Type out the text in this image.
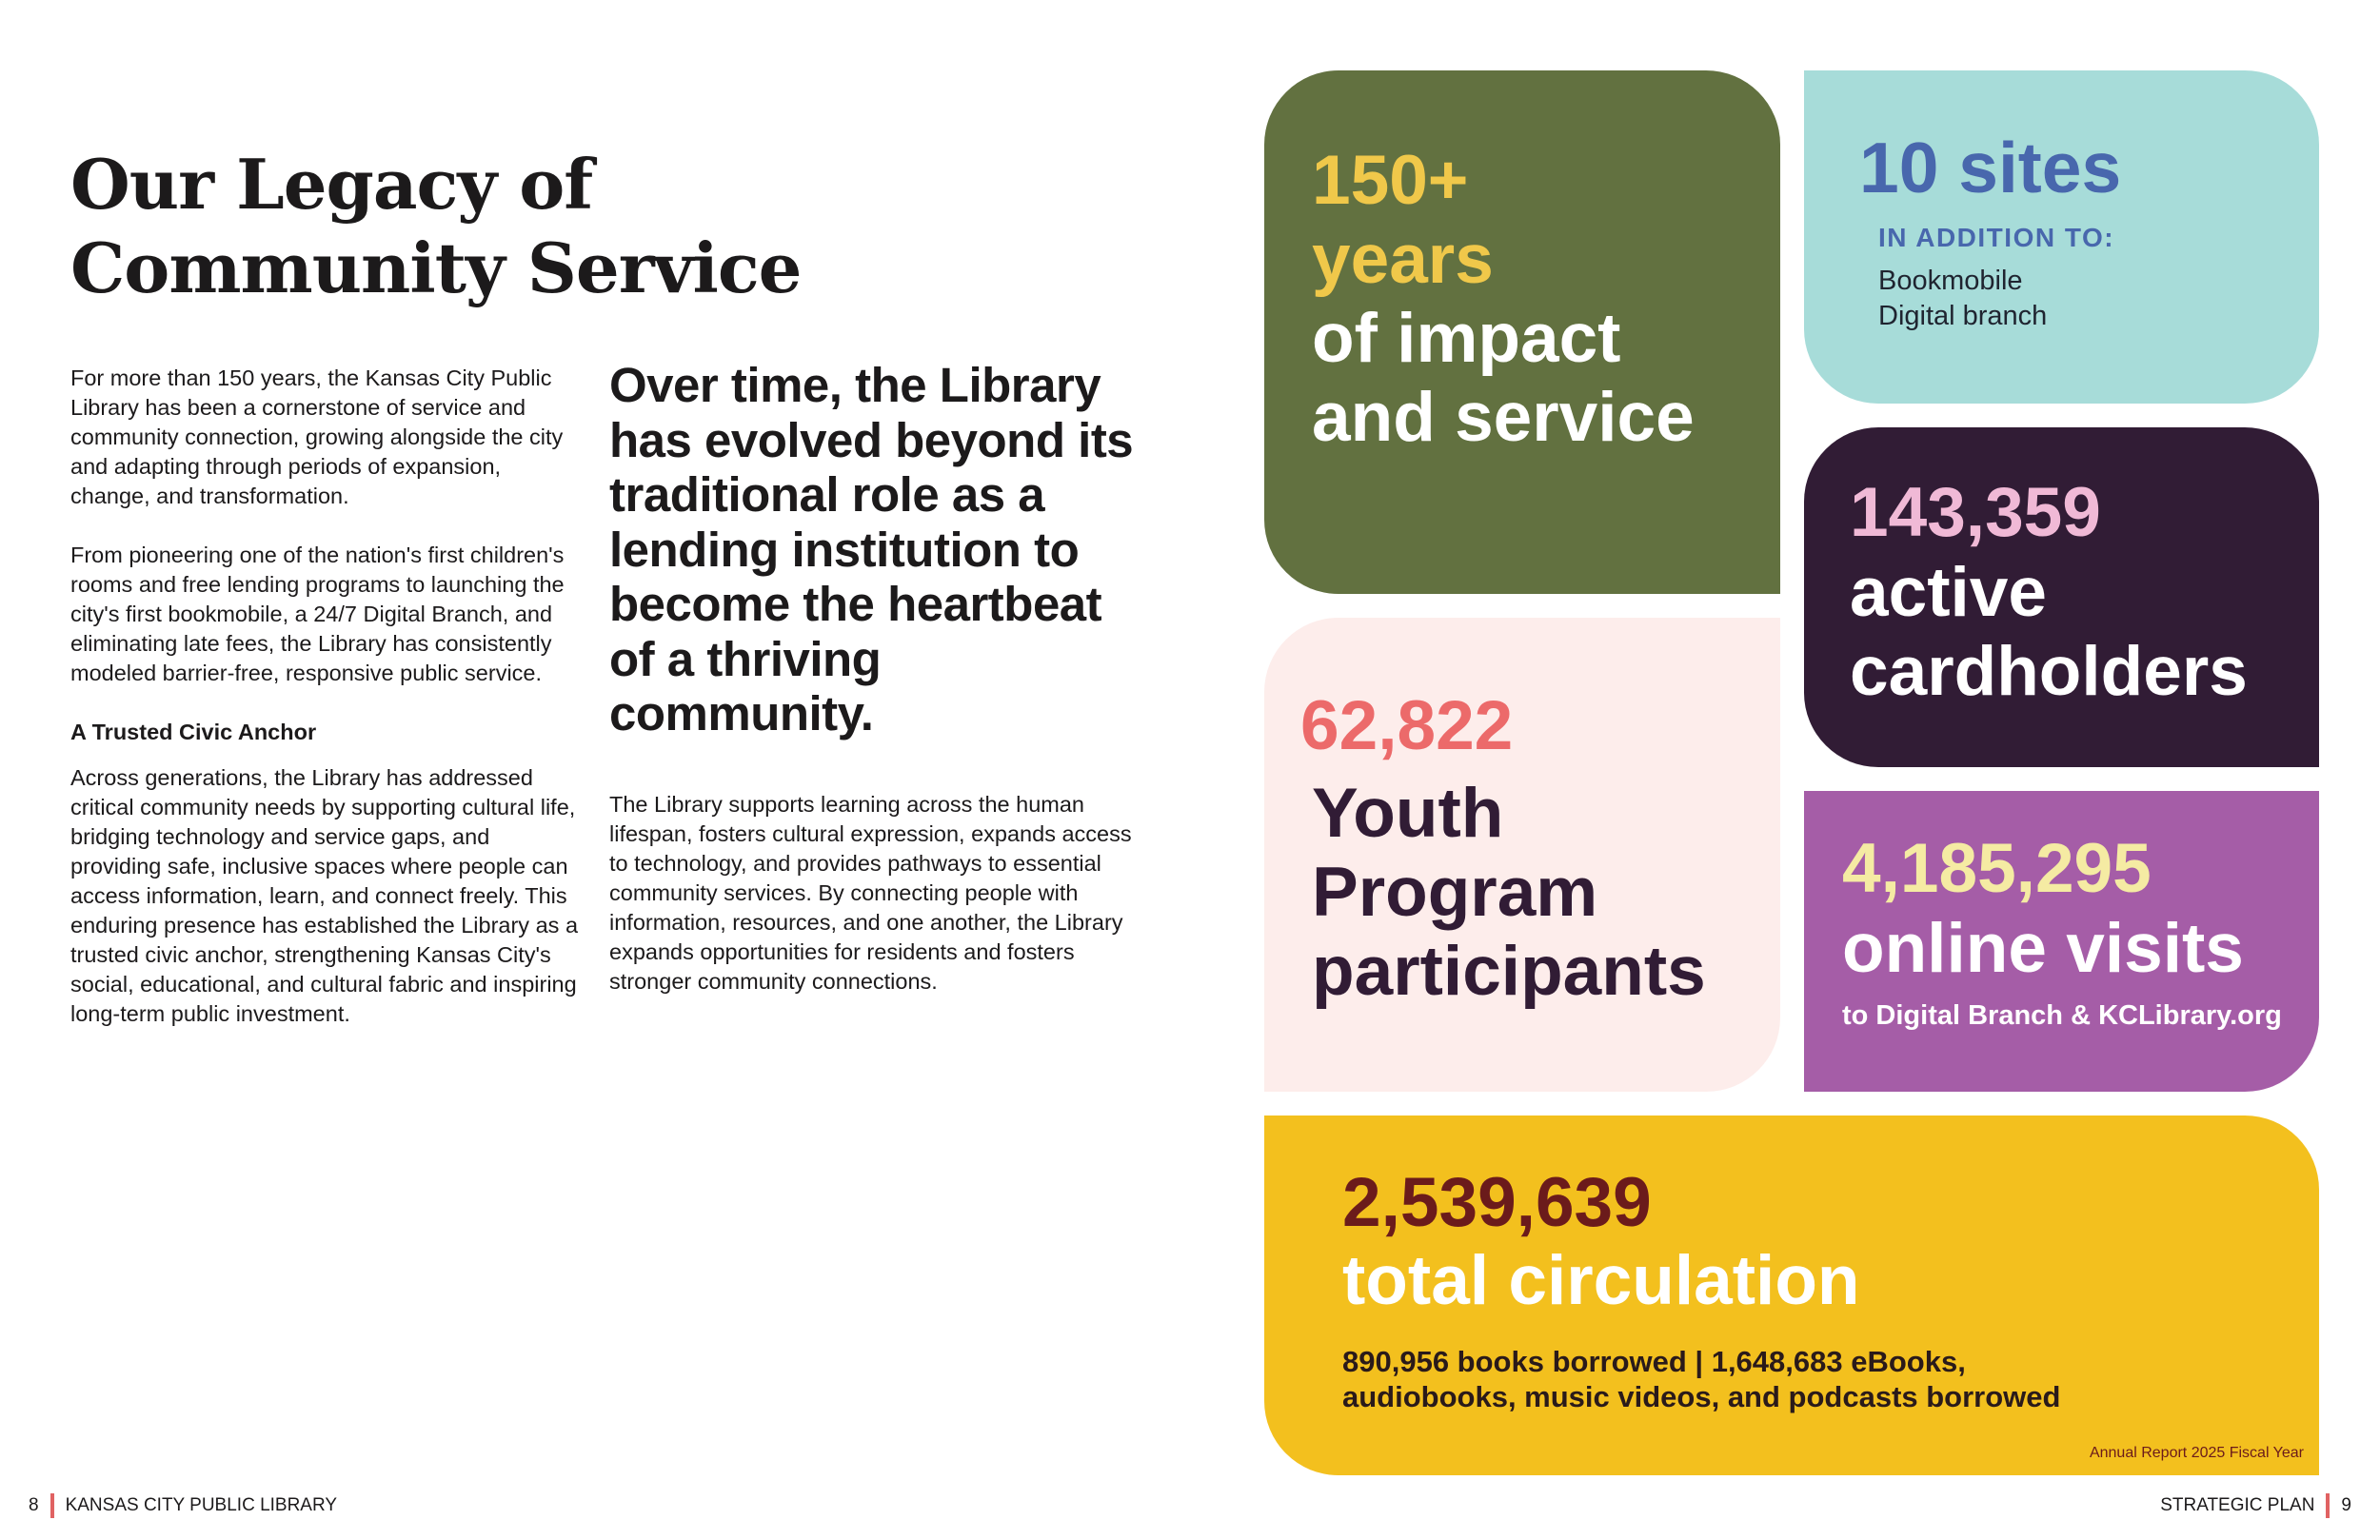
Our Legacy of
Community Service

For more than 150 years, the Kansas City Public Library has been a cornerstone of service and community connection, growing alongside the city and adapting through periods of expansion, change, and transformation.

From pioneering one of the nation's first children's rooms and free lending programs to launching the city's first bookmobile, a 24/7 Digital Branch, and eliminating late fees, the Library has consistently modeled barrier-free, responsive public service.

A Trusted Civic Anchor

Across generations, the Library has addressed critical community needs by supporting cultural life, bridging technology and service gaps, and providing safe, inclusive spaces where people can access information, learn, and connect freely. This enduring presence has established the Library as a trusted civic anchor, strengthening Kansas City's social, educational, and cultural fabric and inspiring long-term public investment.

Over time, the Library has evolved beyond its traditional role as a lending institution to become the heartbeat of a thriving community.

The Library supports learning across the human lifespan, fosters cultural expression, expands access to technology, and provides pathways to essential community services. By connecting people with information, resources, and one another, the Library expands opportunities for residents and fosters stronger community connections.

150+
years
of impact
and service
10 sites
IN ADDITION TO:
Bookmobile
Digital branch
143,359
active
cardholders
62,822
Youth
Program
participants
4,185,295
online visits
to Digital Branch & KCLibrary.org
2,539,639
total circulation
890,956 books borrowed | 1,648,683 eBooks,
audiobooks, music videos, and podcasts borrowed
Annual Report 2025 Fiscal Year
8 KANSAS CITY PUBLIC LIBRARY	STRATEGIC PLAN 9
